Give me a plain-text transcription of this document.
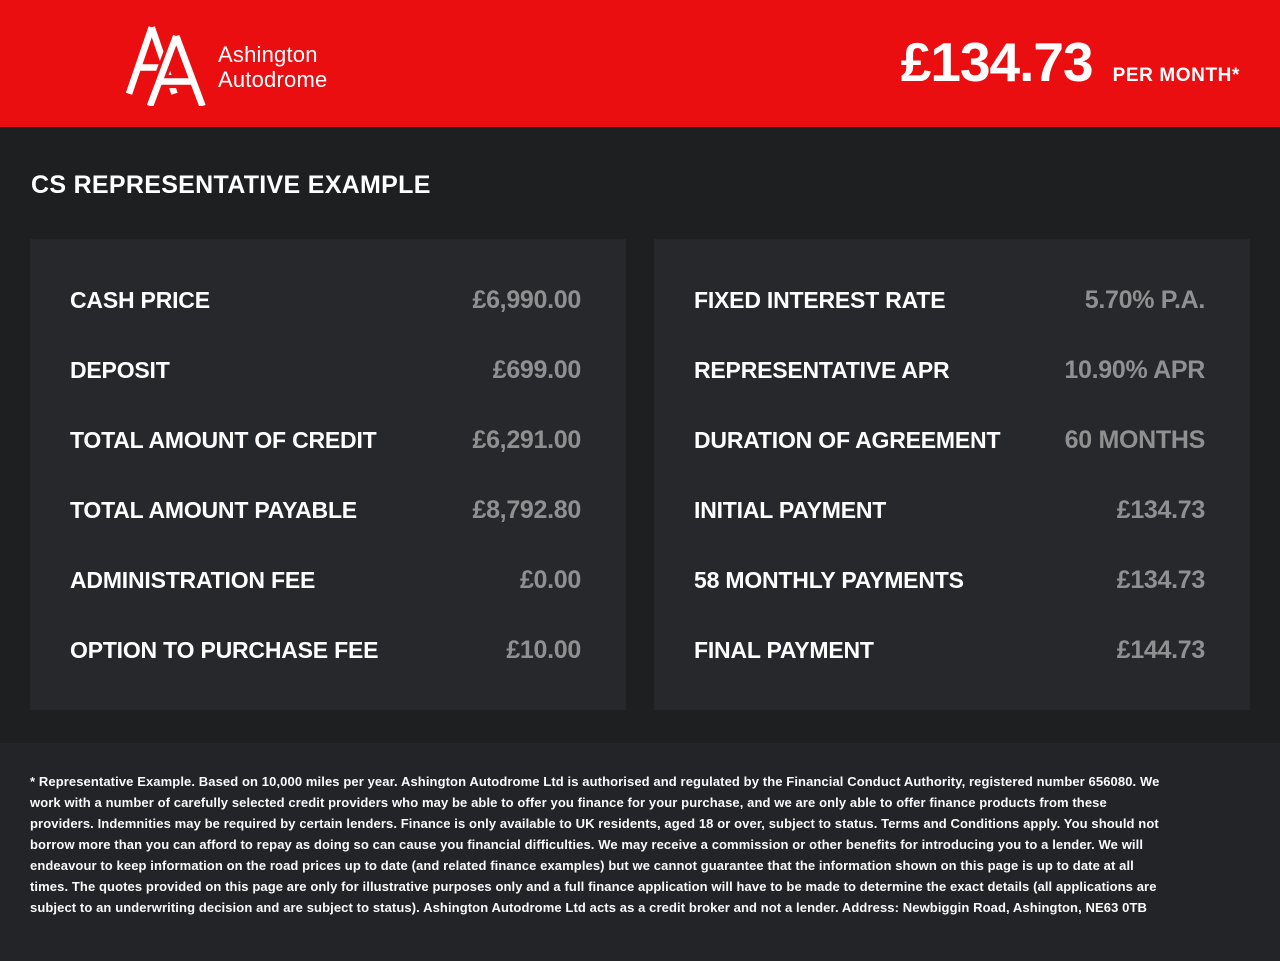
Ashington
Autodrome	£134.73 PER MONTH*
CS REPRESENTATIVE EXAMPLE
CASH PRICE	£6,990.00
DEPOSIT	£699.00
TOTAL AMOUNT OF CREDIT	£6,291.00
TOTAL AMOUNT PAYABLE	£8,792.80
ADMINISTRATION FEE	£0.00
OPTION TO PURCHASE FEE	£10.00
FIXED INTEREST RATE	5.70% P.A.
REPRESENTATIVE APR	10.90% APR
DURATION OF AGREEMENT	60 MONTHS
INITIAL PAYMENT	£134.73
58 MONTHLY PAYMENTS	£134.73
FINAL PAYMENT	£144.73

* Representative Example. Based on 10,000 miles per year. Ashington Autodrome Ltd is authorised and regulated by the Financial Conduct Authority, registered number 656080. We work with a number of carefully selected credit providers who may be able to offer you finance for your purchase, and we are only able to offer finance products from these providers. Indemnities may be required by certain lenders. Finance is only available to UK residents, aged 18 or over, subject to status. Terms and Conditions apply. You should not borrow more than you can afford to repay as doing so can cause you financial difficulties. We may receive a commission or other benefits for introducing you to a lender. We will endeavour to keep information on the road prices up to date (and related finance examples) but we cannot guarantee that the information shown on this page is up to date at all times. The quotes provided on this page are only for illustrative purposes only and a full finance application will have to be made to determine the exact details (all applications are subject to an underwriting decision and are subject to status). Ashington Autodrome Ltd acts as a credit broker and not a lender. Address: Newbiggin Road, Ashington, NE63 0TB
